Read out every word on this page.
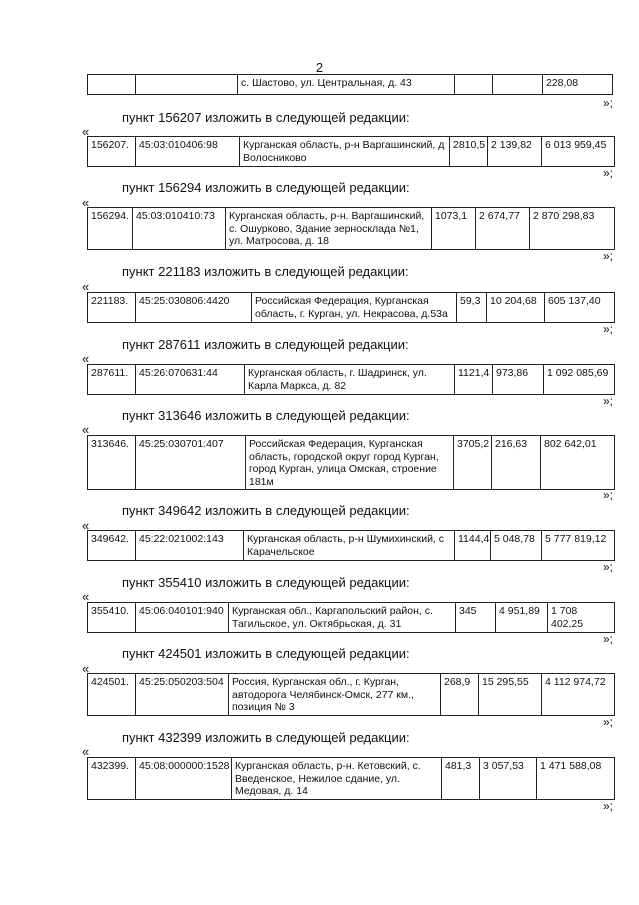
2
		с. Шастово, ул. Центральная, д. 43			228,08
»;
пункт 156207 изложить в следующей редакции:
«
156207.	45:03:010406:98	Курганская область, р-н Варгашинский, д Волосниково	2810,5	2 139,82	6 013 959,45
»;
пункт 156294 изложить в следующей редакции:
«
156294.	45:03:010410:73	Курганская область, р-н. Варгашинский, с. Ошурково, Здание зерносклада №1, ул. Матросова, д. 18	1073,1	2 674,77	2 870 298,83
»;
пункт 221183 изложить в следующей редакции:
«
221183.	45:25:030806:4420	Российская Федерация, Курганская область, г. Курган, ул. Некрасова, д.53а	59,3	10 204,68	605 137,40
»;
пункт 287611 изложить в следующей редакции:
«
287611.	45:26:070631:44	Курганская область, г. Шадринск, ул. Карла Маркса, д. 82	1121,4	973,86	1 092 085,69
»;
пункт 313646 изложить в следующей редакции:
«
313646.	45:25:030701:407	Российская Федерация, Курганская область, городской округ город Курган, город Курган, улица Омская, строение 181м	3705,2	216,63	802 642,01
»;
пункт 349642 изложить в следующей редакции:
«
349642.	45:22:021002:143	Курганская область, р-н Шумихинский, с Карачельское	1144,4	5 048,78	5 777 819,12
»;
пункт 355410 изложить в следующей редакции:
«
355410.	45:06:040101:940	Курганская обл., Каргапольский район, с. Тагильское, ул. Октябрьская, д. 31	345	4 951,89	1 708 402,25
»;
пункт 424501 изложить в следующей редакции:
«
424501.	45:25:050203:504	Россия, Курганская обл., г. Курган, автодорога Челябинск-Омск, 277 км., позиция № 3	268,9	15 295,55	4 112 974,72
»;
пункт 432399 изложить в следующей редакции:
«
432399.	45:08:000000:1528	Курганская область, р-н. Кетовский, с. Введенское, Нежилое сдание, ул. Медовая, д. 14	481,3	3 057,53	1 471 588,08
»;
